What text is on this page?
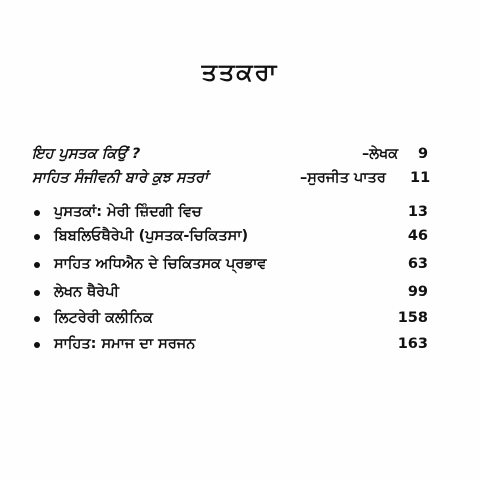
ਤਤਕਰਾ
ਇਹ ਪੁਸਤਕ ਕਿਉਂ ?	–ਲੇਖਕ 9
ਸਾਹਿਤ ਸੰਜੀਵਨੀ ਬਾਰੇ ਕੁਝ ਸਤਰਾਂ	–ਸੁਰਜੀਤ ਪਾਤਰ 11
ਪੁਸਤਕਾਂ: ਮੇਰੀ ਜ਼ਿੰਦਗੀ ਵਿਚ	13
ਬਿਬਲਿਓਥੈਰੇਪੀ (ਪੁਸਤਕ-ਚਿਕਿਤਸਾ)	46
ਸਾਹਿਤ ਅਧਿਐਨ ਦੇ ਚਿਕਿਤਸਕ ਪ੍ਰਭਾਵ	63
ਲੇਖਨ ਥੈਰੇਪੀ	99
ਲਿਟਰੇਰੀ ਕਲੀਨਿਕ	158
ਸਾਹਿਤ: ਸਮਾਜ ਦਾ ਸਰਜਨ	163
